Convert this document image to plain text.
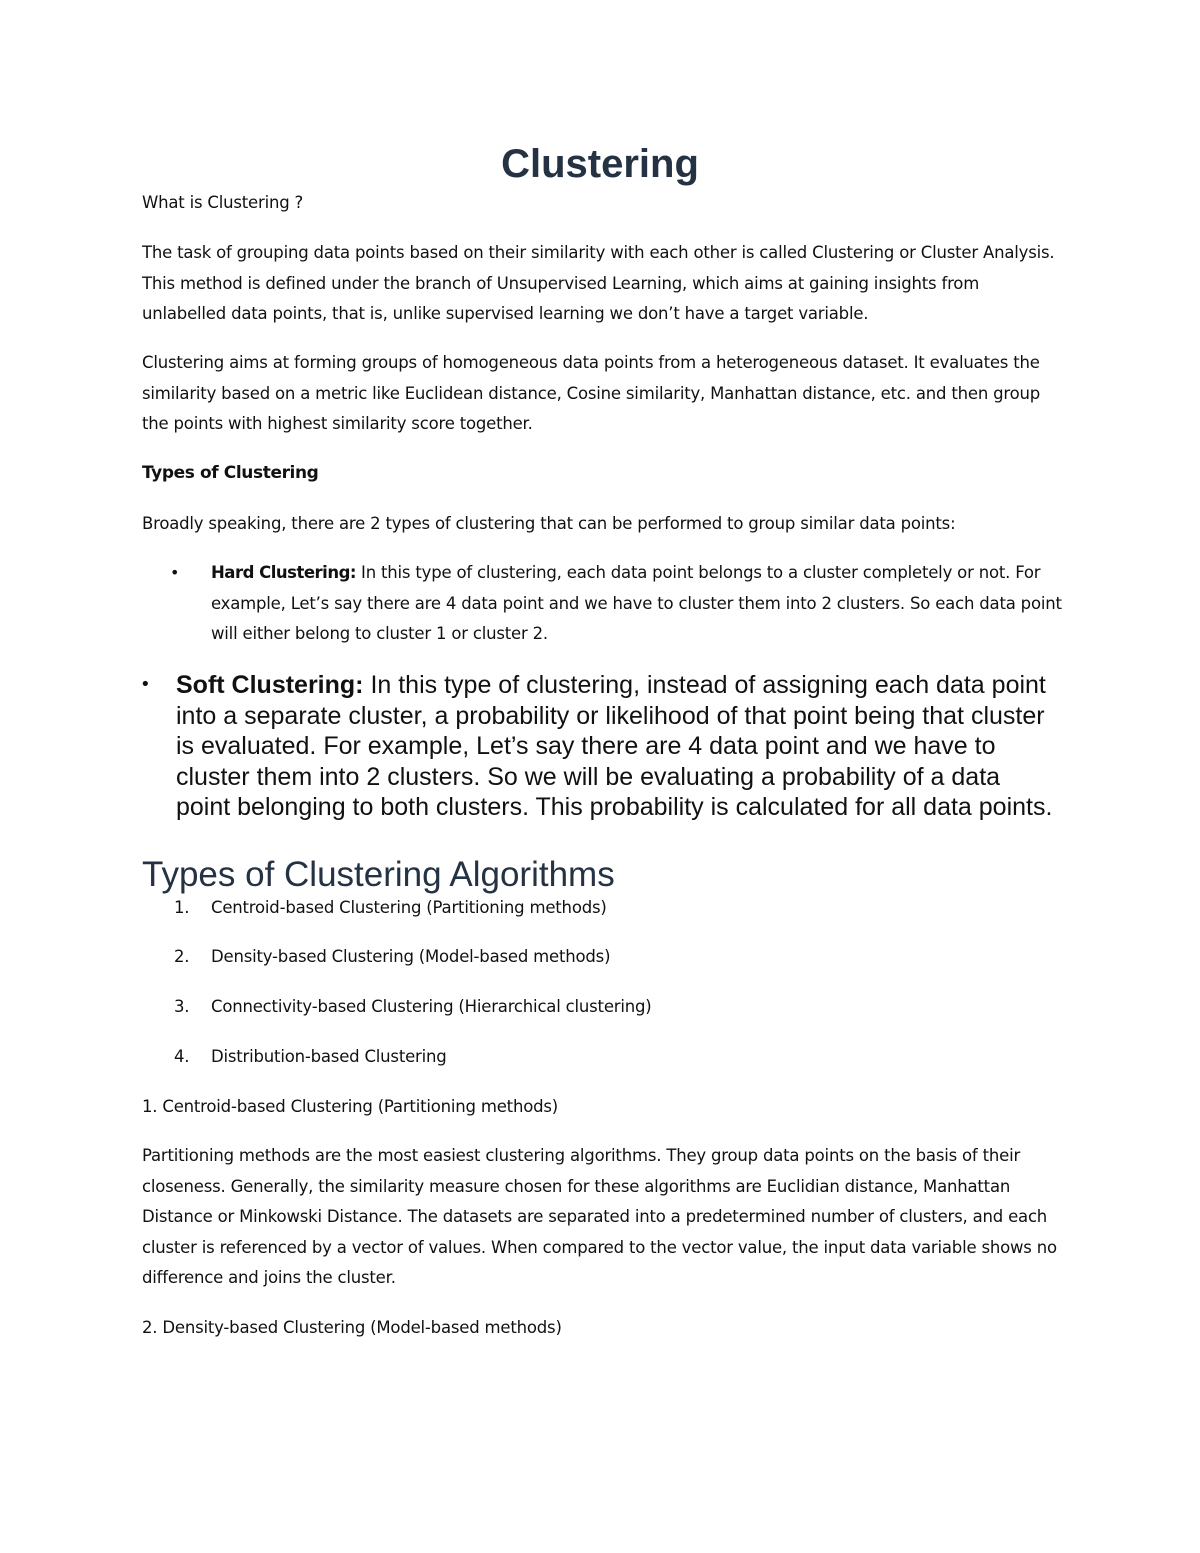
Clustering

What is Clustering ?

The task of grouping data points based on their similarity with each other is called Clustering or Cluster Analysis. This method is defined under the branch of Unsupervised Learning, which aims at gaining insights from unlabelled data points, that is, unlike supervised learning we don’t have a target variable.

Clustering aims at forming groups of homogeneous data points from a heterogeneous dataset. It evaluates the similarity based on a metric like Euclidean distance, Cosine similarity, Manhattan distance, etc. and then group the points with highest similarity score together.

Types of Clustering

Broadly speaking, there are 2 types of clustering that can be performed to group similar data points:

• Hard Clustering: In this type of clustering, each data point belongs to a cluster completely or not. For example, Let’s say there are 4 data point and we have to cluster them into 2 clusters. So each data point will either belong to cluster 1 or cluster 2.
• Soft Clustering: In this type of clustering, instead of assigning each data point into a separate cluster, a probability or likelihood of that point being that cluster is evaluated. For example, Let’s say there are 4 data point and we have to cluster them into 2 clusters. So we will be evaluating a probability of a data point belonging to both clusters. This probability is calculated for all data points.
Types of Clustering Algorithms
1. Centroid-based Clustering (Partitioning methods)
2. Density-based Clustering (Model-based methods)
3. Connectivity-based Clustering (Hierarchical clustering)
4. Distribution-based Clustering

1. Centroid-based Clustering (Partitioning methods)

Partitioning methods are the most easiest clustering algorithms. They group data points on the basis of their closeness. Generally, the similarity measure chosen for these algorithms are Euclidian distance, Manhattan Distance or Minkowski Distance. The datasets are separated into a predetermined number of clusters, and each cluster is referenced by a vector of values. When compared to the vector value, the input data variable shows no difference and joins the cluster.

2. Density-based Clustering (Model-based methods)
